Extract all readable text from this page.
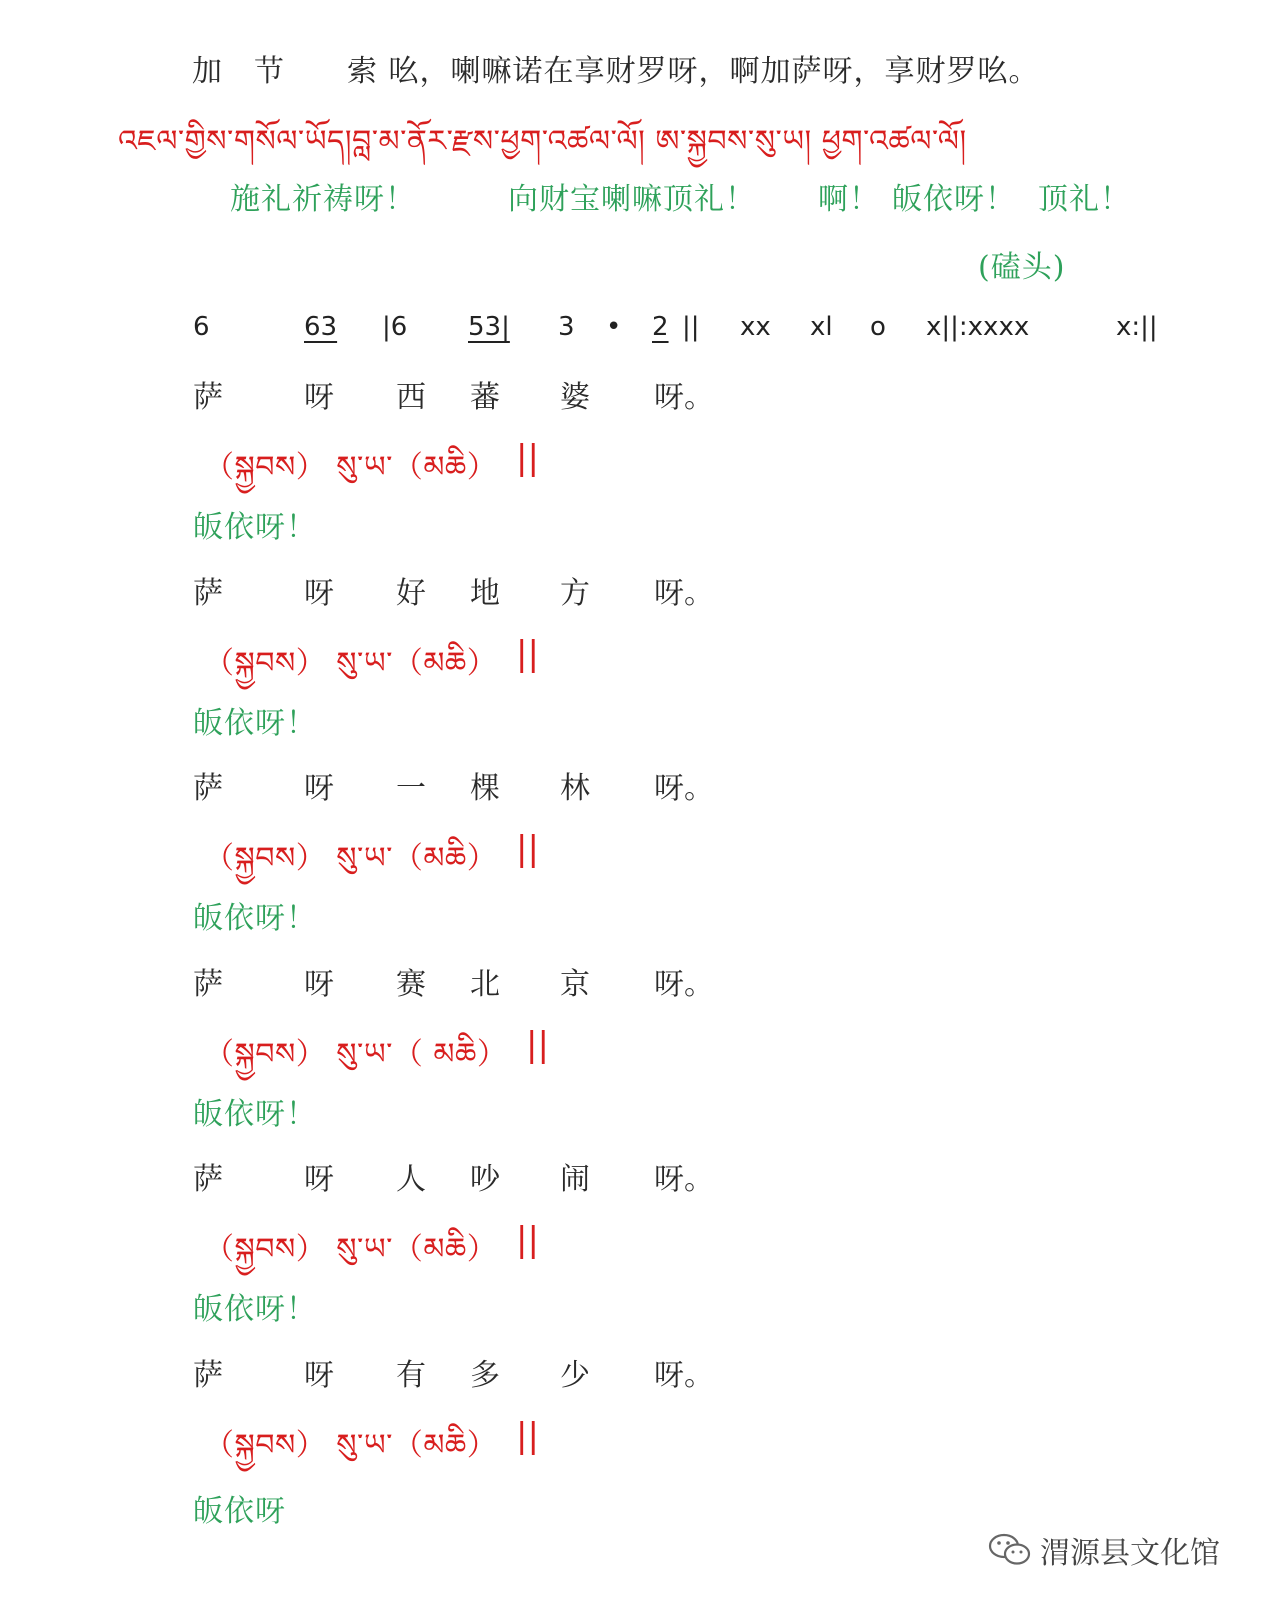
加　节　　索 吆，喇嘛诺在享财罗呀，啊加萨呀，享财罗吆。
འཇལ་གྱིས་གསོལ་ཡོད།བླ་མ་ནོར་རྫས་ཕྱག་འཚལ་ལོ། ཨ་སྐྱབས་སུ་ཡ། ཕྱག་འཚལ་ལོ།
施礼祈祷呀！	向财宝喇嘛顶礼！ 啊！ 皈依呀！ 顶礼！
(磕头)
6	63 |6 53| 3 •	2 || xx xl o x||:xxxx	x:||
萨	呀 西 蕃 婆 呀。
（སྐྱབས） སུ་ཡ་（མཆི） ||
皈依呀！
萨	呀 好 地 方 呀。
（སྐྱབས） སུ་ཡ་（མཆི） ||
皈依呀！
萨	呀 一 棵 林 呀。
（སྐྱབས） སུ་ཡ་（མཆི） ||
皈依呀！
萨	呀 赛 北 京 呀。
（སྐྱབས） སུ་ཡ་（ མཆི） ||
皈依呀！
萨	呀 人 吵 闹 呀。
（སྐྱབས） སུ་ཡ་（མཆི） ||
皈依呀！
萨	呀 有 多 少 呀。
（སྐྱབས） སུ་ཡ་（མཆི） ||
皈依呀
渭源县文化馆
